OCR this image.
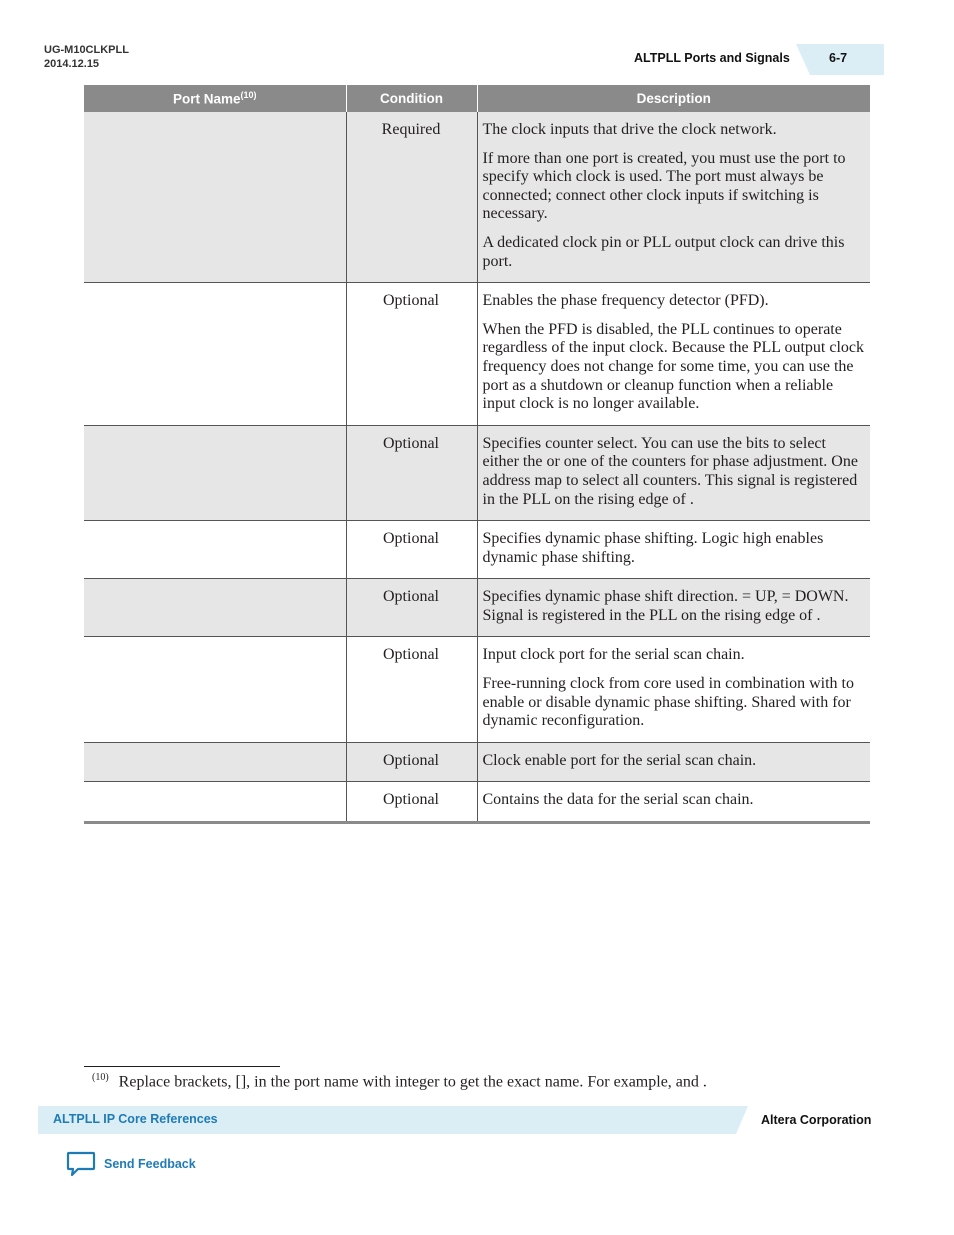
UG-M10CLKPLL
2014.12.15	ALTPLL Ports and Signals	6-7
Port Name$^{(10)}$	Condition	Description
	Required	The clock inputs that drive the clock network.

If more than one port is created, you must use the port to specify which clock is used. The port must always be connected; connect other clock inputs if switching is necessary.

A dedicated clock pin or PLL output clock can drive this port.

	Optional	Enables the phase frequency detector (PFD).

When the PFD is disabled, the PLL continues to operate regardless of the input clock. Because the PLL output clock frequency does not change for some time, you can use the port as a shutdown or cleanup function when a reliable input clock is no longer available.

	Optional	Specifies counter select. You can use the bits to select either the or one of the counters for phase adjustment. One address map to select all counters. This signal is registered in the PLL on the rising edge of .

	Optional	Specifies dynamic phase shifting. Logic high enables dynamic phase shifting.

	Optional	Specifies dynamic phase shift direction. = UP, = DOWN. Signal is registered in the PLL on the rising edge of .

	Optional	Input clock port for the serial scan chain.

Free-running clock from core used in combination with to enable or disable dynamic phase shifting. Shared with for dynamic reconfiguration.

	Optional	Clock enable port for the serial scan chain.

	Optional	Contains the data for the serial scan chain.

$^{(10)}$ Replace brackets, [], in the port name with integer to get the exact name. For example, and .
ALTPLL IP Core References	Altera Corporation
Send Feedback
